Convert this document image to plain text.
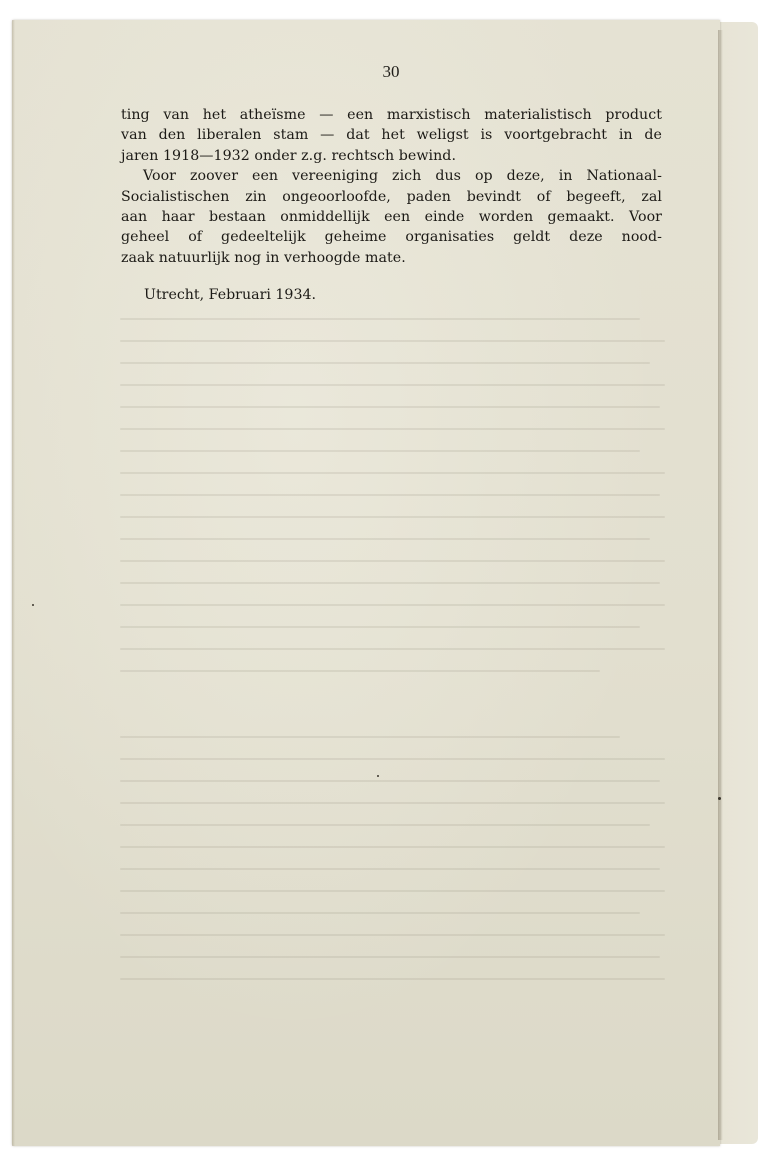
30
ting van het atheïsme — een marxistisch materialistisch product
van den liberalen stam — dat het weligst is voortgebracht in de
jaren 1918—1932 onder z.g. rechtsch bewind.
Voor zoover een vereeniging zich dus op deze, in Nationaal-
Socialistischen zin ongeoorloofde, paden bevindt of begeeft, zal
aan haar bestaan onmiddellijk een einde worden gemaakt. Voor
geheel of gedeeltelijk geheime organisaties geldt deze nood-
zaak natuurlijk nog in verhoogde mate.
Utrecht, Februari 1934.
